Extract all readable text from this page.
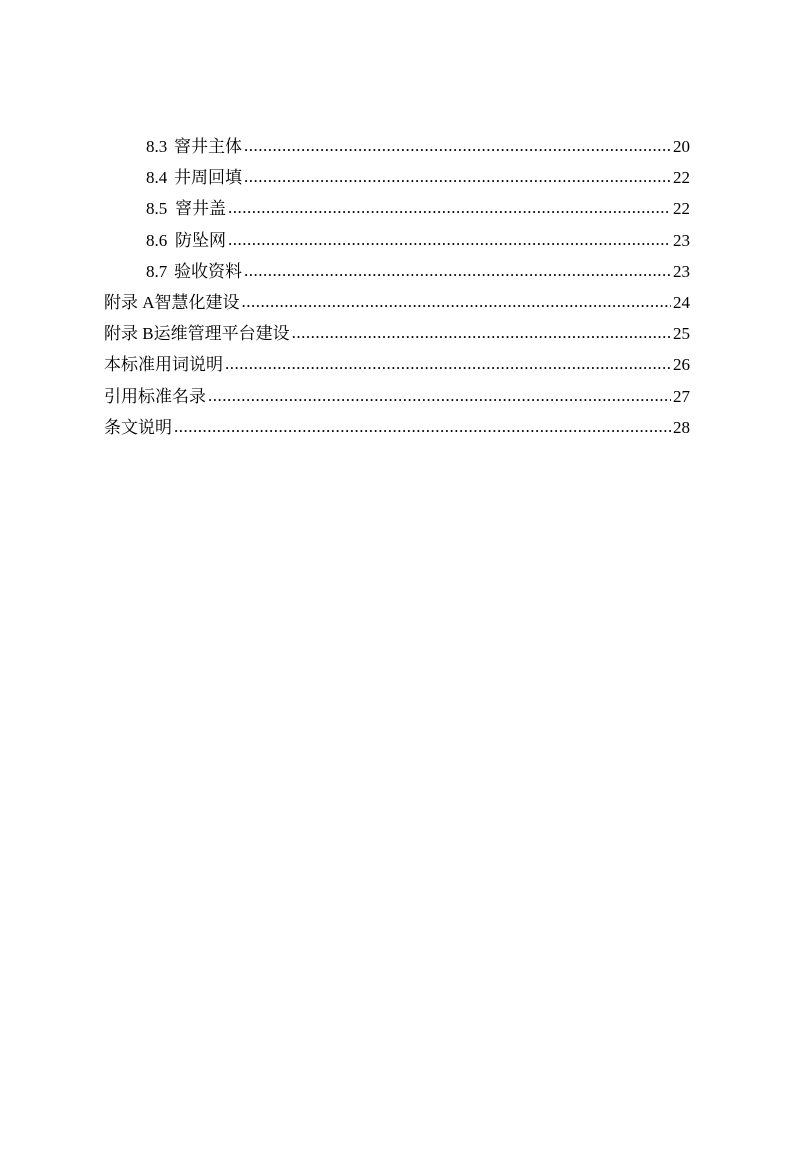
8.3 窨井主体 .....	20
8.4 井周回填 .....	22
8.5 窨井盖 .....	22
8.6 防坠网 .....	23
8.7 验收资料 .....	23
附录 A 智慧化建设 .....	24
附录 B 运维管理平台建设 .....	25
本标准用词说明 .....	26
引用标准名录 .....	27
条文说明 .....	28
